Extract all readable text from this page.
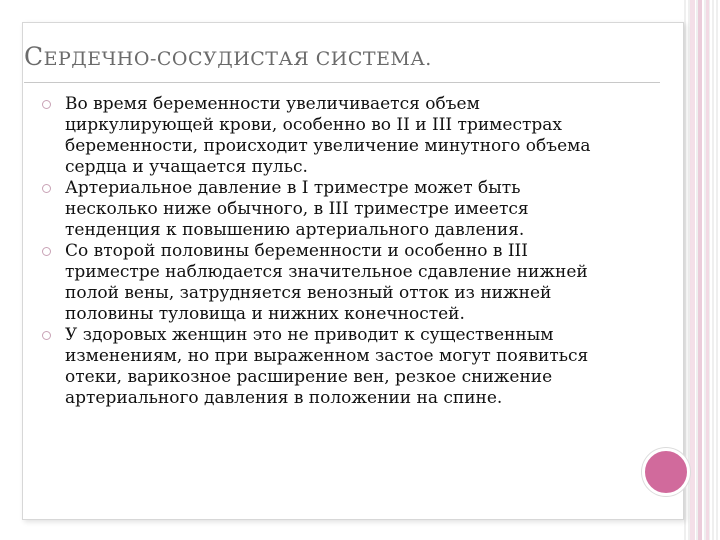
СЕРДЕЧНО-СОСУДИСТАЯ СИСТЕМА.
Во время беременности увеличивается объем циркулирующей крови, особенно во II и III триместрах беременности, происходит увеличение минутного объема сердца и учащается пульс.
Артериальное давление в I триместре может быть несколько ниже обычного, в III триместре имеется тенденция к повышению артериального давления.
Со второй половины беременности и особенно в III триместре наблюдается значительное сдавление нижней полой вены, затрудняется венозный отток из нижней половины туловища и нижних конечностей.
У здоровых женщин это не приводит к существенным изменениям, но при выраженном застое могут появиться отеки, варикозное расширение вен, резкое снижение артериального давления в положении на спине.
